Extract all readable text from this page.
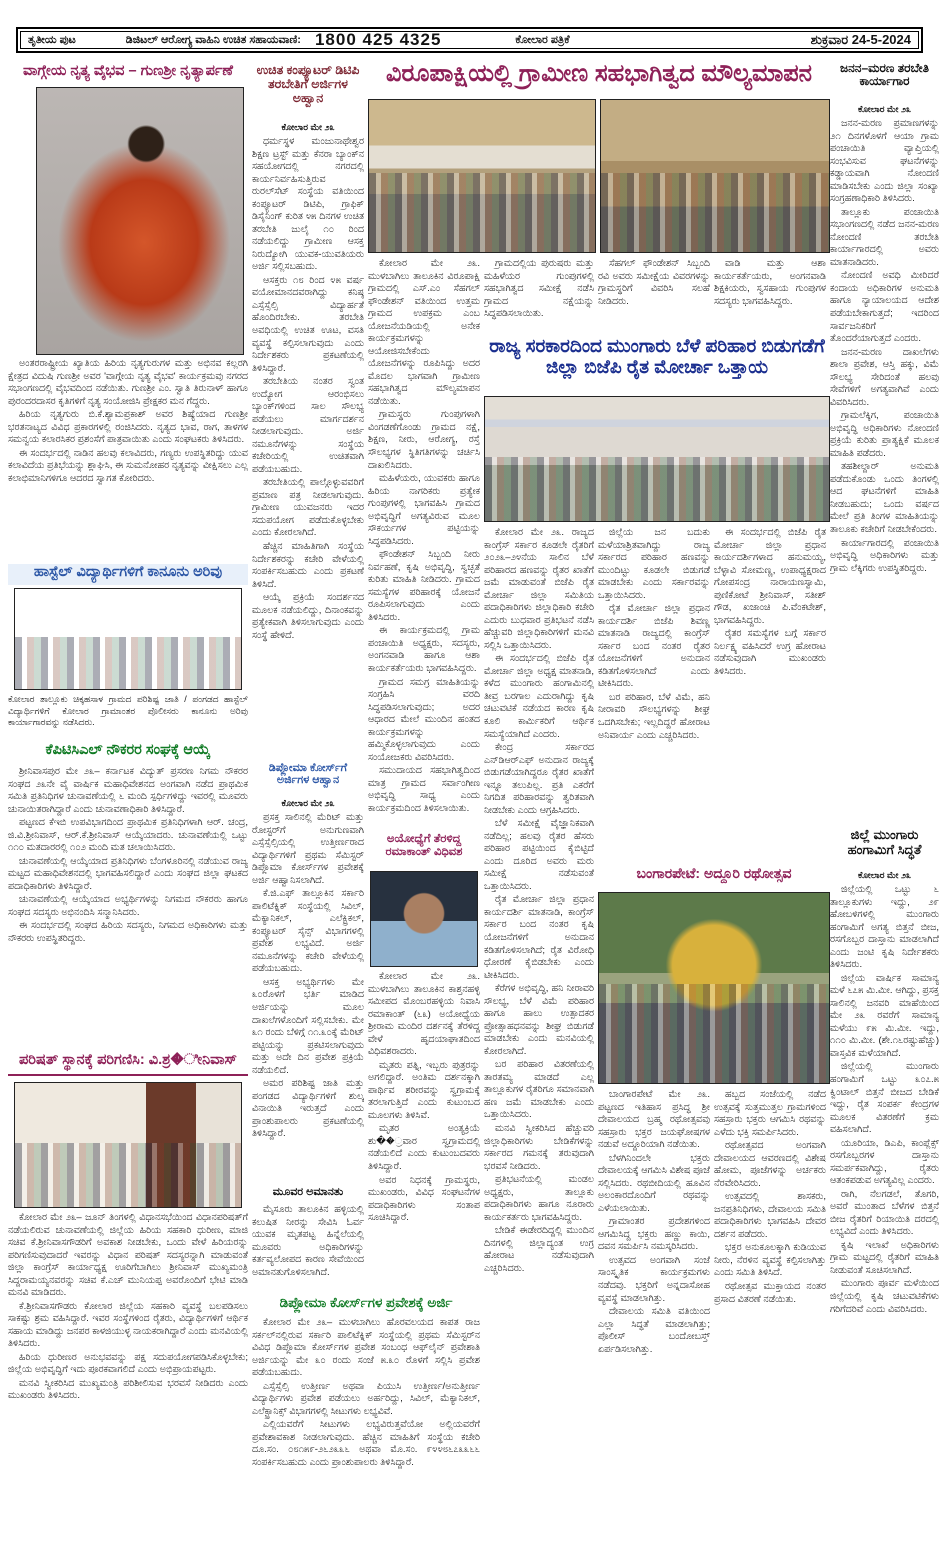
ತೃತೀಯ ಪುಟ	ಡಿಜಿಟಲ್ ಆರೋಗ್ಯ ವಾಹಿನಿ ಉಚಿತ ಸಹಾಯವಾಣಿ: 1800 425 4325	ಕೋಲಾರ ಪತ್ರಿಕೆ	ಶುಕ್ರವಾರ 24-5-2024
ವಾಗ್ಗೇಯ ನೃತ್ಯ ವೈಭವ – ಗುಣಶ್ರೀ ನೃತ್ಯಾರ್ಪಣೆ

ಅಂತರರಾಷ್ಟ್ರೀಯ ಖ್ಯಾತಿಯ ಹಿರಿಯ ನೃತ್ಯಗುರುಗಳ ಮತ್ತು ಅಭಿನವ ಕಲ್ಲರಗಿ ಕ್ಷೇತ್ರದ ವಿದುಷಿ ಗುಣಶ್ರೀ ಅವರ 'ವಾಗ್ಗೇಯ ನೃತ್ಯ ವೈಭವ' ಕಾರ್ಯಕ್ರಮವು ನಗರದ ಸಭಾಂಗಣದಲ್ಲಿ ವೈಭವದಿಂದ ನಡೆಯಿತು. ಗುಣಶ್ರೀ ಎಂ. ಸ್ವಾತಿ ತಿರುನಾಳ್ ಹಾಗೂ ಪುರಂದರದಾಸರ ಕೃತಿಗಳಿಗೆ ನೃತ್ಯ ಸಂಯೋಜಿಸಿ ಪ್ರೇಕ್ಷಕರ ಮನ ಗೆದ್ದರು.

ಹಿರಿಯ ನೃತ್ಯಗುರು ಬಿ.ಕೆ.ಶ್ಯಾಮಪ್ರಕಾಶ್ ಅವರ ಶಿಷ್ಯೆಯಾದ ಗುಣಶ್ರೀ ಭರತನಾಟ್ಯದ ವಿವಿಧ ಪ್ರಕಾರಗಳಲ್ಲಿ ರಂಜಿಸಿದರು. ನೃತ್ಯದ ಭಾವ, ರಾಗ, ತಾಳಗಳ ಸಮನ್ವಯ ಕಲಾರಸಿಕರ ಪ್ರಶಂಸೆಗೆ ಪಾತ್ರವಾಯಿತು ಎಂದು ಸಂಘಟಕರು ತಿಳಿಸಿದರು.

ಈ ಸಂದರ್ಭದಲ್ಲಿ ನಾಡಿನ ಹಲವು ಕಲಾವಿದರು, ಗಣ್ಯರು ಉಪಸ್ಥಿತರಿದ್ದು ಯುವ ಕಲಾವಿದೆಯ ಪ್ರತಿಭೆಯನ್ನು ಶ್ಲಾಘಿಸಿ, ಈ ಸುಮನೋಹರ ನೃತ್ಯವನ್ನು ವೀಕ್ಷಿಸಲು ಎಲ್ಲ ಕಲಾಭಿಮಾನಿಗಳಿಗೂ ಆದರದ ಸ್ವಾಗತ ಕೋರಿದರು.

ಹಾಸ್ಟೆಲ್ ವಿದ್ಯಾರ್ಥಿಗಳಿಗೆ ಕಾನೂನು ಅರಿವು
ಕೋಲಾರ ತಾಲ್ಲೂಕು ಚಿಕ್ಕಹಸಾಳ ಗ್ರಾಮದ ಪರಿಶಿಷ್ಟ ಜಾತಿ / ಪಂಗಡದ ಹಾಸ್ಟೆಲ್ ವಿದ್ಯಾರ್ಥಿಗಳಿಗೆ ಕೋಲಾರ ಗ್ರಾಮಾಂತರ ಪೊಲೀಸರು ಕಾನೂನು ಅರಿವು ಕಾರ್ಯಾಗಾರವನ್ನು ನಡೆಸಿದರು.
ಕೆಪಿಟಿಸಿಎಲ್ ನೌಕರರ ಸಂಘಕ್ಕೆ ಆಯ್ಕೆ

ಶ್ರೀನಿವಾಸಪುರ ಮೇ ೨೩– ಕರ್ನಾಟಕ ವಿದ್ಯುತ್ ಪ್ರಸರಣ ನಿಗಮ ನೌಕರರ ಸಂಘದ ೨೩ನೇ ವೈ ವಾರ್ಷಿಕ ಮಹಾಧಿವೇಶನದ ಅಂಗವಾಗಿ ನಡೆದ ಪ್ರಾಥಮಿಕ ಸಮಿತಿ ಪ್ರತಿನಿಧಿಗಳ ಚುನಾವಣೆಯಲ್ಲಿ ೬ ಮಂದಿ ಸ್ಪರ್ಧಿಗಳಿದ್ದು ಇವರಲ್ಲಿ ಮೂವರು ಚುನಾಯಿತರಾಗಿದ್ದಾರೆ ಎಂದು ಚುನಾವಣಾಧಿಕಾರಿ ತಿಳಿಸಿದ್ದಾರೆ.

ಪಟ್ಟಣದ ಕೆಇಬಿ ಉಪವಿಭಾಗದಿಂದ ಪ್ರಾಥಮಿಕ ಪ್ರತಿನಿಧಿಗಳಾಗಿ ಆರ್. ಚಂದ್ರ, ಜಿ.ವಿ.ಶ್ರೀನಿವಾಸ್, ಆರ್.ಕೆ.ಶ್ರೀನಿವಾಸ್ ಆಯ್ಕೆಯಾದರು. ಚುನಾವಣೆಯಲ್ಲಿ ಒಟ್ಟು ೧೧೦ ಮತದಾರರಲ್ಲಿ ೧೦೨ ಮಂದಿ ಮತ ಚಲಾಯಿಸಿದರು.

ಚುನಾವಣೆಯಲ್ಲಿ ಆಯ್ಕೆಯಾದ ಪ್ರತಿನಿಧಿಗಳು ಬೆಂಗಳೂರಿನಲ್ಲಿ ನಡೆಯುವ ರಾಜ್ಯ ಮಟ್ಟದ ಮಹಾಧಿವೇಶನದಲ್ಲಿ ಭಾಗವಹಿಸಲಿದ್ದಾರೆ ಎಂದು ಸಂಘದ ಜಿಲ್ಲಾ ಘಟಕದ ಪದಾಧಿಕಾರಿಗಳು ತಿಳಿಸಿದ್ದಾರೆ.

ಚುನಾವಣೆಯಲ್ಲಿ ಆಯ್ಕೆಯಾದ ಅಭ್ಯರ್ಥಿಗಳನ್ನು ನಿಗಮದ ನೌಕರರು ಹಾಗೂ ಸಂಘದ ಸದಸ್ಯರು ಅಭಿನಂದಿಸಿ ಸನ್ಮಾನಿಸಿದರು.

ಈ ಸಂದರ್ಭದಲ್ಲಿ ಸಂಘದ ಹಿರಿಯ ಸದಸ್ಯರು, ನಿಗಮದ ಅಧಿಕಾರಿಗಳು ಮತ್ತು ನೌಕರರು ಉಪಸ್ಥಿತರಿದ್ದರು.

ಪರಿಷತ್ ಸ್ಥಾನಕ್ಕೆ ಪರಿಗಣಿಸಿ: ವಿ.ಶ್ರ�ೀನಿವಾಸ್

ಕೋಲಾರ ಮೇ ೨೩– ಜೂನ್ ತಿಂಗಳಲ್ಲಿ ವಿಧಾನಸಭೆಯಿಂದ ವಿಧಾನಪರಿಷತ್‌ಗೆ ನಡೆಯಲಿರುವ ಚುನಾವಣೆಯಲ್ಲಿ ಜಿಲ್ಲೆಯ ಹಿರಿಯ ಸಹಕಾರಿ ಧುರೀಣ, ಮಾಜಿ ಸಚಿವ ಕೆ.ಶ್ರೀನಿವಾಸಗೌಡರಿಗೆ ಅವಕಾಶ ನೀಡಬೇಕು, ಒಂದು ವೇಳೆ ಹಿರಿಯರನ್ನು ಪರಿಗಣಿಸುವುದಾದರೆ ಇವರನ್ನು ವಿಧಾನ ಪರಿಷತ್ ಸದಸ್ಯರನ್ನಾಗಿ ಮಾಡುವಂತೆ ಜಿಲ್ಲಾ ಕಾಂಗ್ರೆಸ್ ಕಾರ್ಯಾಧ್ಯಕ್ಷ ಊರಿಗೆಬಾಗಿಲು ಶ್ರೀನಿವಾಸ್ ಮುಖ್ಯಮಂತ್ರಿ ಸಿದ್ದರಾಮಯ್ಯನವರನ್ನು ಸಚಿವ ಕೆ.ಎಚ್ ಮುನಿಯಪ್ಪ ಅವರೊಂದಿಗೆ ಭೇಟಿ ಮಾಡಿ ಮನವಿ ಮಾಡಿದರು.

ಕೆ.ಶ್ರೀನಿವಾಸಗೌಡರು ಕೋಲಾರ ಜಿಲ್ಲೆಯ ಸಹಕಾರಿ ವ್ಯವಸ್ಥೆ ಬಲಪಡಿಸಲು ಸಾಕಷ್ಟು ಶ್ರಮ ವಹಿಸಿದ್ದಾರೆ. ಇವರ ಸಂಸ್ಥೆಗಳಿಂದ ರೈತರು, ವಿದ್ಯಾರ್ಥಿಗಳಿಗೆ ಆರ್ಥಿಕ ಸಹಾಯ ಮಾಡಿದ್ದು ಜನಪರ ಕಾಳಜಿಯುಳ್ಳ ನಾಯಕರಾಗಿದ್ದಾರೆ ಎಂದು ಮನವಿಯಲ್ಲಿ ತಿಳಿಸಿದರು.

ಹಿರಿಯ ಧುರೀಣರ ಅನುಭವವನ್ನು ಪಕ್ಷ ಸದುಪಯೋಗಪಡಿಸಿಕೊಳ್ಳಬೇಕು; ಜಿಲ್ಲೆಯ ಅಭಿವೃದ್ಧಿಗೆ ಇದು ಪೂರಕವಾಗಲಿದೆ ಎಂದು ಅಭಿಪ್ರಾಯಪಟ್ಟರು.

ಮನವಿ ಸ್ವೀಕರಿಸಿದ ಮುಖ್ಯಮಂತ್ರಿ ಪರಿಶೀಲಿಸುವ ಭರವಸೆ ನೀಡಿದರು ಎಂದು ಮುಖಂಡರು ತಿಳಿಸಿದರು.

ಉಚಿತ ಕಂಪ್ಯೂಟರ್ ಡಿಟಿಪಿ ತರಬೇತಿಗೆ ಅರ್ಜಿಗಳ ಅಹ್ವಾನ
ಕೋಲಾರ ಮೇ ೨೩

ಧರ್ಮಸ್ಥಳ ಮಂಜುನಾಥೇಶ್ವರ ಶಿಕ್ಷಣ ಟ್ರಸ್ಟ್ ಮತ್ತು ಕೆನರಾ ಬ್ಯಾಂಕ್‌ನ ಸಹಯೋಗದಲ್ಲಿ ನಗರದಲ್ಲಿ ಕಾರ್ಯನಿರ್ವಹಿಸುತ್ತಿರುವ ರುರಲ್‌ಸೆಟ್ ಸಂಸ್ಥೆಯ ವತಿಯಿಂದ ಕಂಪ್ಯೂಟರ್ ಡಿಟಿಪಿ, ಗ್ರಾಫಿಕ್ ಡಿಸೈನಿಂಗ್ ಕುರಿತ ೪೫ ದಿನಗಳ ಉಚಿತ ತರಬೇತಿ ಜುಲೈ ೧೦ ರಿಂದ ನಡೆಯಲಿದ್ದು ಗ್ರಾಮೀಣ ಆಸಕ್ತ ನಿರುದ್ಯೋಗಿ ಯುವಕ-ಯುವತಿಯರು ಅರ್ಜಿ ಸಲ್ಲಿಸಬಹುದು.

ಆಸಕ್ತರು ೧೮ ರಿಂದ ೪೫ ವರ್ಷ ವಯೋಮಾನದವರಾಗಿದ್ದು ಕನಿಷ್ಠ ಎಸ್ಸೆಸ್ಸೆಲ್ಸಿ ವಿದ್ಯಾರ್ಹತೆ ಹೊಂದಿರಬೇಕು. ತರಬೇತಿ ಅವಧಿಯಲ್ಲಿ ಉಚಿತ ಊಟ, ವಸತಿ ವ್ಯವಸ್ಥೆ ಕಲ್ಪಿಸಲಾಗುವುದು ಎಂದು ನಿರ್ದೇಶಕರು ಪ್ರಕಟಣೆಯಲ್ಲಿ ತಿಳಿಸಿದ್ದಾರೆ.

ತರಬೇತಿಯ ನಂತರ ಸ್ವಂತ ಉದ್ಯೋಗ ಆರಂಭಿಸಲು ಬ್ಯಾಂಕ್‌ಗಳಿಂದ ಸಾಲ ಸೌಲಭ್ಯ ಪಡೆಯಲು ಮಾರ್ಗದರ್ಶನ ನೀಡಲಾಗುವುದು. ಅರ್ಜಿ ನಮೂನೆಗಳನ್ನು ಸಂಸ್ಥೆಯ ಕಚೇರಿಯಲ್ಲಿ ಉಚಿತವಾಗಿ ಪಡೆಯಬಹುದು.

ತರಬೇತಿಯಲ್ಲಿ ಪಾಲ್ಗೊಳ್ಳುವವರಿಗೆ ಪ್ರಮಾಣ ಪತ್ರ ನೀಡಲಾಗುವುದು. ಗ್ರಾಮೀಣ ಯುವಜನರು ಇದರ ಸದುಪಯೋಗ ಪಡೆದುಕೊಳ್ಳಬೇಕು ಎಂದು ಕೋರಲಾಗಿದೆ.

ಹೆಚ್ಚಿನ ಮಾಹಿತಿಗಾಗಿ ಸಂಸ್ಥೆಯ ನಿರ್ದೇಶಕರನ್ನು ಕಚೇರಿ ವೇಳೆಯಲ್ಲಿ ಸಂಪರ್ಕಿಸಬಹುದು ಎಂದು ಪ್ರಕಟಣೆ ತಿಳಿಸಿದೆ.

ಆಯ್ಕೆ ಪ್ರಕ್ರಿಯೆ ಸಂದರ್ಶನದ ಮೂಲಕ ನಡೆಯಲಿದ್ದು, ದಿನಾಂಕವನ್ನು ಪ್ರತ್ಯೇಕವಾಗಿ ತಿಳಿಸಲಾಗುವುದು ಎಂದು ಸಂಸ್ಥೆ ಹೇಳಿದೆ.

ಡಿಪ್ಲೋಮಾ ಕೋರ್ಸ್‌ಗೆ ಅರ್ಜಿಗಳ ಆಹ್ವಾನ
ಕೋಲಾರ ಮೇ ೨೩

ಪ್ರಸಕ್ತ ಸಾಲಿನಲ್ಲಿ ಮೆರಿಟ್ ಮತ್ತು ರೋಸ್ಟರ್‌ಗೆ ಅನುಗುಣವಾಗಿ ಎಸ್ಸೆಸ್ಸೆಲ್ಸಿಯಲ್ಲಿ ಉತ್ತೀರ್ಣರಾದ ವಿದ್ಯಾರ್ಥಿಗಳಿಗೆ ಪ್ರಥಮ ಸೆಮಿಸ್ಟರ್ ಡಿಪ್ಲೊಮಾ ಕೋರ್ಸ್‌ಗಳ ಪ್ರವೇಶಕ್ಕೆ ಅರ್ಜಿ ಆಹ್ವಾನಿಸಲಾಗಿದೆ.

ಕೆ.ಜಿ.ಎಫ್ ತಾಲ್ಲೂಕಿನ ಸರ್ಕಾರಿ ಪಾಲಿಟೆಕ್ನಿಕ್ ಸಂಸ್ಥೆಯಲ್ಲಿ ಸಿವಿಲ್, ಮೆಕ್ಯಾನಿಕಲ್, ಎಲೆಕ್ಟ್ರಿಕಲ್, ಕಂಪ್ಯೂಟರ್ ಸೈನ್ಸ್ ವಿಭಾಗಗಳಲ್ಲಿ ಪ್ರವೇಶ ಲಭ್ಯವಿದೆ. ಅರ್ಜಿ ನಮೂನೆಗಳನ್ನು ಕಚೇರಿ ವೇಳೆಯಲ್ಲಿ ಪಡೆಯಬಹುದು.

ಆಸಕ್ತ ಅಭ್ಯರ್ಥಿಗಳು ಮೇ ೩೦ರೊಳಗೆ ಭರ್ತಿ ಮಾಡಿದ ಅರ್ಜಿಯನ್ನು ಮೂಲ ದಾಖಲೆಗಳೊಂದಿಗೆ ಸಲ್ಲಿಸಬೇಕು. ಮೇ ೩೧ ರಂದು ಬೆಳಿಗ್ಗೆ ೧೧.೩೦ಕ್ಕೆ ಮೆರಿಟ್ ಪಟ್ಟಿಯನ್ನು ಪ್ರಕಟಿಸಲಾಗುವುದು ಮತ್ತು ಅದೇ ದಿನ ಪ್ರವೇಶ ಪ್ರಕ್ರಿಯೆ ನಡೆಯಲಿದೆ.

ಅಮರ ಪರಿಶಿಷ್ಟ ಜಾತಿ ಮತ್ತು ಪಂಗಡದ ವಿದ್ಯಾರ್ಥಿಗಳಿಗೆ ಶುಲ್ಕ ವಿನಾಯಿತಿ ಇರುತ್ತದೆ ಎಂದು ಪ್ರಾಂಶುಪಾಲರು ಪ್ರಕಟಣೆಯಲ್ಲಿ ತಿಳಿಸಿದ್ದಾರೆ.

ಮೂವರ ಅಮಾನತು

ಮೈಸೂರು ತಾಲೂಕಿನ ಹಳ್ಳಿಯಲ್ಲಿ ಕಲುಷಿತ ನೀರನ್ನು ಸೇವಿಸಿ ಓರ್ವ ಯುವಕ ಮೃತಪಟ್ಟ ಹಿನ್ನೆಲೆಯಲ್ಲಿ ಮೂವರು ಅಧಿಕಾರಿಗಳನ್ನು ಕರ್ತವ್ಯಲೋಪದ ಕಾರಣ ಸೇವೆಯಿಂದ ಅಮಾನತುಗೊಳಿಸಲಾಗಿದೆ.

ಡಿಪ್ಲೋಮಾ ಕೋರ್ಸ್‌ಗಳ ಪ್ರವೇಶಕ್ಕೆ ಅರ್ಜಿ

ಕೋಲಾರ ಮೇ ೨೩– ಮುಳಬಾಗಿಲು ಹೊರವಲಯದ ಕಾಪತ ರಾಜ ಸರ್ಕಲ್‌ನಲ್ಲಿರುವ ಸರ್ಕಾರಿ ಪಾಲಿಟೆಕ್ನಿಕ್ ಸಂಸ್ಥೆಯಲ್ಲಿ ಪ್ರಥಮ ಸೆಮಿಸ್ಟರ್‌ನ ವಿವಿಧ ಡಿಪ್ಲೊಮಾ ಕೋರ್ಸ್‌ಗಳ ಪ್ರವೇಶ ಸಂಬಂಧ ಆಫ್‌ಲೈನ್ ಪ್ರವೇಶಾತಿ ಅರ್ಜಿಯನ್ನು ಮೇ ೩೦ ರಂದು ಸಂಜೆ ೫.೩೦ ರೊಳಗೆ ಸಲ್ಲಿಸಿ ಪ್ರವೇಶ ಪಡೆಯಬಹುದು.

ಎಸ್ಸೆಸ್ಸೆಲ್ಸಿ ಉತ್ತೀರ್ಣ ಅಥವಾ ಪಿಯುಸಿ ಉತ್ತೀರ್ಣ/ಅನುತ್ತೀರ್ಣ ವಿದ್ಯಾರ್ಥಿಗಳು ಪ್ರವೇಶ ಪಡೆಯಲು ಅರ್ಹರಿದ್ದು, ಸಿವಿಲ್, ಮೆಕ್ಯಾನಿಕಲ್, ಎಲೆಕ್ಟ್ರಾನಿಕ್ಸ್ ವಿಭಾಗಗಳಲ್ಲಿ ಸೀಟುಗಳು ಲಭ್ಯವಿವೆ.

ಎಲ್ಲಿಯವರೆಗೆ ಸೀಟುಗಳು ಲಭ್ಯವಿರುತ್ತವೆಯೋ ಅಲ್ಲಿಯವರೆಗೆ ಪ್ರವೇಶಾವಕಾಶ ನೀಡಲಾಗುವುದು. ಹೆಚ್ಚಿನ ಮಾಹಿತಿಗೆ ಸಂಸ್ಥೆಯ ಕಚೇರಿ ದೂ.ಸಂ. ೦೮೧೫೯-೨೬೨೩೩೬ ಅಥವಾ ಮೊ.ಸಂ. ೯೪೪೮೬೭೩೩೬೬ ಸಂಪರ್ಕಿಸಬಹುದು ಎಂದು ಪ್ರಾಂಶುಪಾಲರು ತಿಳಿಸಿದ್ದಾರೆ.

ವಿರೂಪಾಕ್ಷಿಯಲ್ಲಿ ಗ್ರಾಮೀಣ ಸಹಭಾಗಿತ್ವದ ಮೌಲ್ಯಮಾಪನ

ಕೋಲಾರ ಮೇ ೨೩. ಮುಳಬಾಗಿಲು ತಾಲೂಕಿನ ವಿರೂಪಾಕ್ಷಿ ಗ್ರಾಮದಲ್ಲಿ ಎಸ್.ಎಂ ಸೆಹಗಲ್ ಫೌಂಡೇಶನ್ ವತಿಯಿಂದ ಉತ್ತಮ ಗ್ರಾಮದ ಉಪಕ್ರಮ ಎಂಬ ಯೋಜನೆಯಡಿಯಲ್ಲಿ ಅನೇಕ ಕಾರ್ಯಕ್ರಮಗಳನ್ನು ಆಯೋಜಿಸಬೇಕೆಂದು ಯೋಜನೆಗಳನ್ನು ರೂಪಿಸಿದ್ದು ಅದರ ಮೊದಲ ಭಾಗವಾಗಿ ಗ್ರಾಮೀಣ ಸಹಭಾಗಿತ್ವದ ಮೌಲ್ಯಮಾಪನ ನಡೆಯಿತು.

ಗ್ರಾಮಸ್ಥರು ಗುಂಪುಗಳಾಗಿ ವಿಂಗಡಣೆಗೊಂಡು ಗ್ರಾಮದ ನಕ್ಷೆ, ಶಿಕ್ಷಣ, ನೀರು, ಆರೋಗ್ಯ, ರಸ್ತೆ ಸೌಲಭ್ಯಗಳ ಸ್ಥಿತಿಗತಿಗಳನ್ನು ಚರ್ಚಿಸಿ ದಾಖಲಿಸಿದರು.

ಮಹಿಳೆಯರು, ಯುವಕರು ಹಾಗೂ ಹಿರಿಯ ನಾಗರಿಕರು ಪ್ರತ್ಯೇಕ ಗುಂಪುಗಳಲ್ಲಿ ಭಾಗವಹಿಸಿ ಗ್ರಾಮದ ಅಭಿವೃದ್ಧಿಗೆ ಅಗತ್ಯವಿರುವ ಮೂಲ ಸೌಕರ್ಯಗಳ ಪಟ್ಟಿಯನ್ನು ಸಿದ್ಧಪಡಿಸಿದರು.

ಫೌಂಡೇಶನ್ ಸಿಬ್ಬಂದಿ ನೀರು ನಿರ್ವಹಣೆ, ಕೃಷಿ ಅಭಿವೃದ್ಧಿ, ಸ್ವಚ್ಛತೆ ಕುರಿತು ಮಾಹಿತಿ ನೀಡಿದರು. ಗ್ರಾಮದ ಸಮಸ್ಯೆಗಳ ಪರಿಹಾರಕ್ಕೆ ಯೋಜನೆ ರೂಪಿಸಲಾಗುವುದು ಎಂದು ತಿಳಿಸಿದರು.

ಈ ಕಾರ್ಯಕ್ರಮದಲ್ಲಿ ಗ್ರಾಮ ಪಂಚಾಯಿತಿ ಅಧ್ಯಕ್ಷರು, ಸದಸ್ಯರು, ಅಂಗನವಾಡಿ ಹಾಗೂ ಆಶಾ ಕಾರ್ಯಕರ್ತೆಯರು ಭಾಗವಹಿಸಿದ್ದರು.

ಗ್ರಾಮದ ಸಮಗ್ರ ಮಾಹಿತಿಯನ್ನು ಸಂಗ್ರಹಿಸಿ ವರದಿ ಸಿದ್ಧಪಡಿಸಲಾಗುವುದು; ಅದರ ಆಧಾರದ ಮೇಲೆ ಮುಂದಿನ ಹಂತದ ಕಾರ್ಯಕ್ರಮಗಳನ್ನು ಹಮ್ಮಿಕೊಳ್ಳಲಾಗುವುದು ಎಂದು ಸಂಯೋಜಕರು ವಿವರಿಸಿದರು.

ಸಮುದಾಯದ ಸಹಭಾಗಿತ್ವದಿಂದ ಮಾತ್ರ ಗ್ರಾಮದ ಸರ್ವಾಂಗೀಣ ಅಭಿವೃದ್ಧಿ ಸಾಧ್ಯ ಎಂದು ಕಾರ್ಯಕ್ರಮದಿಂದ ತಿಳಿಸಲಾಯಿತು.

ಗ್ರಾಮದಲ್ಲಿಯ ಪುರುಷರು ಮತ್ತು ಮಹಿಳೆಯರ ಗುಂಪುಗಳಲ್ಲಿ ಸಹಭಾಗಿತ್ವದ ಸಮೀಕ್ಷೆ ನಡೆಸಿ ಗ್ರಾಮದ ನಕ್ಷೆಯನ್ನು ಸಿದ್ಧಪಡಿಸಲಾಯಿತು.

ಸೆಹಗಲ್ ಫೌಂಡೇಶನ್ ಸಿಬ್ಬಂದಿ ರವಿ ಅವರು ಸಮೀಕ್ಷೆಯ ವಿವರಗಳನ್ನು ಗ್ರಾಮಸ್ಥರಿಗೆ ವಿವರಿಸಿ ಸಲಹೆ ನೀಡಿದರು.

ವಾಡಿ ಮತ್ತು ಆಶಾ ಕಾರ್ಯಕರ್ತೆಯರು, ಅಂಗನವಾಡಿ ಶಿಕ್ಷಕಿಯರು, ಸ್ವಸಹಾಯ ಗುಂಪುಗಳ ಸದಸ್ಯರು ಭಾಗವಹಿಸಿದ್ದರು.

ರಾಜ್ಯ ಸರಕಾರದಿಂದ ಮುಂಗಾರು ಬೆಳೆ ಪರಿಹಾರ ಬಿಡುಗಡೆಗೆ ಜಿಲ್ಲಾ ಬಿಜೆಪಿ ರೈತ ಮೋರ್ಚಾ ಒತ್ತಾಯ

ಕೋಲಾರ ಮೇ ೨೩. ರಾಜ್ಯದ ಕಾಂಗ್ರೆಸ್ ಸರ್ಕಾರ ಕೂಡಲೇ ರೈತರಿಗೆ ೨೦೨೩–೨೪ನೆಯ ಸಾಲಿನ ಬೆಳೆ ಪರಿಹಾರದ ಹಣವನ್ನು ರೈತರ ಖಾತೆಗೆ ಜಮೆ ಮಾಡುವಂತೆ ಬಿಜೆಪಿ ರೈತ ಮೋರ್ಚಾ ಜಿಲ್ಲಾ ಸಮಿತಿಯ ಪದಾಧಿಕಾರಿಗಳು ಜಿಲ್ಲಾಧಿಕಾರಿ ಕಚೇರಿ ಎದುರು ಬುಧವಾರ ಪ್ರತಿಭಟನೆ ನಡೆಸಿ ಹೆಚ್ಚುವರಿ ಜಿಲ್ಲಾಧಿಕಾರಿಗಳಿಗೆ ಮನವಿ ಸಲ್ಲಿಸಿ ಒತ್ತಾಯಿಸಿದರು.

ಈ ಸಂದರ್ಭದಲ್ಲಿ ಬಿಜೆಪಿ ರೈತ ಮೋರ್ಚಾ ಜಿಲ್ಲಾ ಅಧ್ಯಕ್ಷ ಮಾತನಾಡಿ, ಕಳೆದ ಮುಂಗಾರು ಹಂಗಾಮಿನಲ್ಲಿ ತೀವ್ರ ಬರಗಾಲ ಎದುರಾಗಿದ್ದು ಕೃಷಿ ಚಟುವಟಿಕೆ ನಡೆಯದ ಕಾರಣ ಕೃಷಿ ಕೂಲಿ ಕಾರ್ಮಿಕರಿಗೆ ಆರ್ಥಿಕ ಸಮಸ್ಯೆಯಾಗಿದೆ ಎಂದರು.

ಕೇಂದ್ರ ಸರ್ಕಾರದ ಎನ್‌ಡಿಆರ್‌ಎಫ್ ಅನುದಾನ ರಾಜ್ಯಕ್ಕೆ ಬಿಡುಗಡೆಯಾಗಿದ್ದರೂ ರೈತರ ಖಾತೆಗೆ ಇನ್ನೂ ತಲುಪಿಲ್ಲ. ಪ್ರತಿ ಎಕರೆಗೆ ನಿಗದಿತ ಪರಿಹಾರವನ್ನು ತ್ವರಿತವಾಗಿ ನೀಡಬೇಕು ಎಂದು ಆಗ್ರಹಿಸಿದರು.

ಬೆಳೆ ಸಮೀಕ್ಷೆ ವೈಜ್ಞಾನಿಕವಾಗಿ ನಡೆದಿಲ್ಲ; ಹಲವು ರೈತರ ಹೆಸರು ಪರಿಹಾರ ಪಟ್ಟಿಯಿಂದ ಕೈಬಿಟ್ಟಿದೆ ಎಂದು ದೂರಿದ ಅವರು ಮರು ಸಮೀಕ್ಷೆ ನಡೆಸುವಂತೆ ಒತ್ತಾಯಿಸಿದರು.

ರೈತ ಮೋರ್ಚಾ ಜಿಲ್ಲಾ ಪ್ರಧಾನ ಕಾರ್ಯದರ್ಶಿ ಮಾತನಾಡಿ, ಕಾಂಗ್ರೆಸ್ ಸರ್ಕಾರ ಬಂದ ನಂತರ ಕೃಷಿ ಯೋಜನೆಗಳಿಗೆ ಅನುದಾನ ಕಡಿತಗೊಳಿಸಲಾಗಿದೆ; ರೈತ ವಿರೋಧಿ ಧೋರಣೆ ಕೈಬಿಡಬೇಕು ಎಂದು ಟೀಕಿಸಿದರು.

ಕೆರೆಗಳ ಅಭಿವೃದ್ಧಿ, ಹನಿ ನೀರಾವರಿ ಸೌಲಭ್ಯ, ಬೆಳೆ ವಿಮೆ ಪರಿಹಾರ ಹಾಗೂ ಹಾಲು ಉತ್ಪಾದಕರ ಪ್ರೋತ್ಸಾಹಧನವನ್ನು ಶೀಘ್ರ ಬಿಡುಗಡೆ ಮಾಡಬೇಕು ಎಂದು ಮನವಿಯಲ್ಲಿ ಕೋರಲಾಗಿದೆ.

ಬರ ಪರಿಹಾರ ವಿತರಣೆಯಲ್ಲಿ ತಾರತಮ್ಯ ಮಾಡದೆ ಎಲ್ಲ ತಾಲ್ಲೂಕುಗಳ ರೈತರಿಗೂ ಸಮಾನವಾಗಿ ಹಣ ಜಮೆ ಮಾಡಬೇಕು ಎಂದು ಒತ್ತಾಯಿಸಿದರು.

ಮನವಿ ಸ್ವೀಕರಿಸಿದ ಹೆಚ್ಚುವರಿ ಜಿಲ್ಲಾಧಿಕಾರಿಗಳು ಬೇಡಿಕೆಗಳನ್ನು ಸರ್ಕಾರದ ಗಮನಕ್ಕೆ ತರುವುದಾಗಿ ಭರವಸೆ ನೀಡಿದರು.

ಪ್ರತಿಭಟನೆಯಲ್ಲಿ ಮಂಡಲ ಅಧ್ಯಕ್ಷರು, ತಾಲ್ಲೂಕು ಪದಾಧಿಕಾರಿಗಳು ಹಾಗೂ ನೂರಾರು ಕಾರ್ಯಕರ್ತರು ಭಾಗವಹಿಸಿದ್ದರು.

ಬೇಡಿಕೆ ಈಡೇರದಿದ್ದಲ್ಲಿ ಮುಂದಿನ ದಿನಗಳಲ್ಲಿ ಜಿಲ್ಲಾದ್ಯಂತ ಉಗ್ರ ಹೋರಾಟ ನಡೆಸುವುದಾಗಿ ಎಚ್ಚರಿಸಿದರು.

ಜಿಲ್ಲೆಯ ಜನ ಬದುಕು ಮಳೆಯಾಶ್ರಿತವಾಗಿದ್ದು ರಾಜ್ಯ ಸರ್ಕಾರದ ಪರಿಹಾರ ಹಣವನ್ನು ಮುಂದಿಟ್ಟು ಕೂಡಲೇ ಬಿಡುಗಡೆ ಮಾಡಬೇಕು ಎಂದು ಸರ್ಕಾರವನ್ನು ಒತ್ತಾಯಿಸಿದರು.

ರೈತ ಮೋರ್ಚಾ ಜಿಲ್ಲಾ ಪ್ರಧಾನ ಕಾರ್ಯದರ್ಶಿ ಬಿಜೆಪಿ ಶಿವಣ್ಣ ಮಾತನಾಡಿ ರಾಜ್ಯದಲ್ಲಿ ಕಾಂಗ್ರೆಸ್ ಸರ್ಕಾರ ಬಂದ ನಂತರ ರೈತರ ಯೋಜನೆಗಳಿಗೆ ಅನುದಾನ ಕಡಿತಗೊಳಿಸಲಾಗಿದೆ ಎಂದು ಟೀಕಿಸಿದರು.

ಬರ ಪರಿಹಾರ, ಬೆಳೆ ವಿಮೆ, ಹನಿ ನೀರಾವರಿ ಸೌಲಭ್ಯಗಳನ್ನು ಶೀಘ್ರ ಒದಗಿಸಬೇಕು; ಇಲ್ಲದಿದ್ದರೆ ಹೋರಾಟ ಅನಿವಾರ್ಯ ಎಂದು ಎಚ್ಚರಿಸಿದರು.

ಈ ಸಂದರ್ಭದಲ್ಲಿ ಬಿಜೆಪಿ ರೈತ ಮೋರ್ಚಾ ಜಿಲ್ಲಾ ಪ್ರಧಾನ ಕಾರ್ಯದರ್ಶಿಗಳಾದ ಹನುಮಯ್ಯ, ಬೆಳ್ಳಾವಿ ಸೋಮಣ್ಣ, ಉಪಾಧ್ಯಕ್ಷರಾದ ಗೋಪಸಂದ್ರ ನಾರಾಯಣಸ್ವಾಮಿ, ಪುಣಿಕೋಟೆ ಶ್ರೀನಿವಾಸ್, ಸತೀಶ್ ಗೌಡ, ಖಜಾಂಚಿ ಪಿ.ವೆಂಕಟೇಶ್, ಭಾಗವಹಿಸಿದ್ದರು.

ರೈತರ ಸಮಸ್ಯೆಗಳ ಬಗ್ಗೆ ಸರ್ಕಾರ ನಿರ್ಲಕ್ಷ್ಯ ವಹಿಸಿದರೆ ಉಗ್ರ ಹೋರಾಟ ನಡೆಸುವುದಾಗಿ ಮುಖಂಡರು ತಿಳಿಸಿದರು.

ಬಂಗಾರಪೇಟೆ: ಅದ್ದೂರಿ ರಥೋತ್ಸವ

ಬಾಂಗಾರಪೇಟೆ ಮೇ ೨೩. ಪಟ್ಟಣದ ಇತಿಹಾಸ ಪ್ರಸಿದ್ಧ ಶ್ರೀ ದೇವಾಲಯದ ಬ್ರಹ್ಮ ರಥೋತ್ಸವವು ಸಹಸ್ರಾರು ಭಕ್ತರ ಜಯಘೋಷಗಳ ನಡುವೆ ಅದ್ದೂರಿಯಾಗಿ ನಡೆಯಿತು.

ಬೆಳಗಿನಿಂದಲೇ ಭಕ್ತರು ದೇವಾಲಯಕ್ಕೆ ಆಗಮಿಸಿ ವಿಶೇಷ ಪೂಜೆ ಸಲ್ಲಿಸಿದರು. ರಥಬೀದಿಯಲ್ಲಿ ಹೂವಿನ ಅಲಂಕಾರದೊಂದಿಗೆ ರಥವನ್ನು ಎಳೆಯಲಾಯಿತು.

ಗ್ರಾಮಾಂತರ ಪ್ರದೇಶಗಳಿಂದ ಆಗಮಿಸಿದ್ದ ಭಕ್ತರು ಹಣ್ಣು ಕಾಯಿ, ದವನ ಸಮರ್ಪಿಸಿ ನಮಸ್ಕರಿಸಿದರು.

ಉತ್ಸವದ ಅಂಗವಾಗಿ ಸಂಜೆ ಸಾಂಸ್ಕೃತಿಕ ಕಾರ್ಯಕ್ರಮಗಳು ನಡೆದವು. ಭಕ್ತರಿಗೆ ಅನ್ನದಾಸೋಹ ವ್ಯವಸ್ಥೆ ಮಾಡಲಾಗಿತ್ತು.

ದೇವಾಲಯ ಸಮಿತಿ ವತಿಯಿಂದ ಎಲ್ಲಾ ಸಿದ್ಧತೆ ಮಾಡಲಾಗಿತ್ತು; ಪೊಲೀಸ್ ಬಂದೋಬಸ್ತ್ ಏರ್ಪಡಿಸಲಾಗಿತ್ತು.

ಹಬ್ಬದ ಸಂಜೆಯಲ್ಲಿ ನಡೆದ ಉತ್ಸವಕ್ಕೆ ಸುತ್ತಮುತ್ತಲ ಗ್ರಾಮಗಳಿಂದ ಸಹಸ್ರಾರು ಭಕ್ತರು ಆಗಮಿಸಿ ರಥವನ್ನು ಎಳೆದು ಭಕ್ತಿ ಸಮರ್ಪಿಸಿದರು.

ರಥೋತ್ಸವದ ಅಂಗವಾಗಿ ದೇವಾಲಯದ ಆವರಣದಲ್ಲಿ ವಿಶೇಷ ಹೋಮ, ಪೂಜೆಗಳನ್ನು ಅರ್ಚಕರು ನೆರವೇರಿಸಿದರು.

ಉತ್ಸವದಲ್ಲಿ ಶಾಸಕರು, ಜನಪ್ರತಿನಿಧಿಗಳು, ದೇವಾಲಯ ಸಮಿತಿ ಪದಾಧಿಕಾರಿಗಳು ಭಾಗವಹಿಸಿ ದೇವರ ದರ್ಶನ ಪಡೆದರು.

ಭಕ್ತರ ಅನುಕೂಲಕ್ಕಾಗಿ ಕುಡಿಯುವ ನೀರು, ನೆರಳಿನ ವ್ಯವಸ್ಥೆ ಕಲ್ಪಿಸಲಾಗಿತ್ತು ಎಂದು ಸಮಿತಿ ತಿಳಿಸಿದೆ.

ರಥೋತ್ಸವ ಮುಕ್ತಾಯದ ನಂತರ ಪ್ರಸಾದ ವಿತರಣೆ ನಡೆಯಿತು.

ಅಯೋಧ್ಯೆಗೆ ತೆರಳಿದ್ದ ರಮಾಕಾಂತ್ ವಿಧಿವಶ

ಕೋಲಾರ ಮೇ ೨೩. ಮುಳಬಾಗಿಲು ತಾಲೂಕಿನ ಕಾಶ್ತನಹಳ್ಳಿ ಸಮೀಪದ ಮೊಂಬರಹಳ್ಳಿಯ ನಿವಾಸಿ ರಮಾಕಾಂತ್ (೬೩) ಅಯೋಧ್ಯೆಯ ಶ್ರೀರಾಮ ಮಂದಿರ ದರ್ಶನಕ್ಕೆ ತೆರಳಿದ್ದ ವೇಳೆ ಹೃದಯಾಘಾತದಿಂದ ವಿಧಿವಶರಾದರು.

ಮೃತರು ಪತ್ನಿ, ಇಬ್ಬರು ಪುತ್ರರನ್ನು ಅಗಲಿದ್ದಾರೆ. ಅಂತಿಮ ದರ್ಶನಕ್ಕಾಗಿ ಪಾರ್ಥಿವ ಶರೀರವನ್ನು ಸ್ವಗ್ರಾಮಕ್ಕೆ ತರಲಾಗುತ್ತಿದೆ ಎಂದು ಕುಟುಂಬದ ಮೂಲಗಳು ತಿಳಿಸಿವೆ.

ಮೃತರ ಅಂತ್ಯಕ್ರಿಯೆ ಶು��್ರವಾರ ಸ್ವಗ್ರಾಮದಲ್ಲಿ ನಡೆಯಲಿದೆ ಎಂದು ಕುಟುಂಬದವರು ತಿಳಿಸಿದ್ದಾರೆ.

ಅವರ ನಿಧನಕ್ಕೆ ಗ್ರಾಮಸ್ಥರು, ಮುಖಂಡರು, ವಿವಿಧ ಸಂಘಟನೆಗಳ ಪದಾಧಿಕಾರಿಗಳು ಸಂತಾಪ ಸೂಚಿಸಿದ್ದಾರೆ.

ಜನನ–ಮರಣ ತರಬೇತಿ ಕಾರ್ಯಾಗಾರ
ಕೋಲಾರ ಮೇ ೨೩

ಜನನ-ಮರಣ ಪ್ರಮಾಣಗಳನ್ನು ೨೧ ದಿನಗಳೊಳಗೆ ಆಯಾ ಗ್ರಾಮ ಪಂಚಾಯಿತಿ ವ್ಯಾಪ್ತಿಯಲ್ಲಿ ಸಂಭವಿಸುವ ಘಟನೆಗಳನ್ನು ಕಡ್ಡಾಯವಾಗಿ ನೋಂದಣಿ ಮಾಡಿಸಬೇಕು ಎಂದು ಜಿಲ್ಲಾ ಸಂಖ್ಯಾ ಸಂಗ್ರಹಣಾಧಿಕಾರಿ ತಿಳಿಸಿದರು.

ತಾಲ್ಲೂಕು ಪಂಚಾಯಿತಿ ಸಭಾಂಗಣದಲ್ಲಿ ನಡೆದ ಜನನ-ಮರಣ ನೋಂದಣಿ ತರಬೇತಿ ಕಾರ್ಯಾಗಾರದಲ್ಲಿ ಅವರು ಮಾತನಾಡಿದರು.

ನೋಂದಣಿ ಅವಧಿ ಮೀರಿದರೆ ಕಂದಾಯ ಅಧಿಕಾರಿಗಳ ಅನುಮತಿ ಹಾಗೂ ನ್ಯಾಯಾಲಯದ ಆದೇಶ ಪಡೆಯಬೇಕಾಗುತ್ತದೆ; ಇದರಿಂದ ಸಾರ್ವಜನಿಕರಿಗೆ ತೊಂದರೆಯಾಗುತ್ತದೆ ಎಂದರು.

ಜನನ-ಮರಣ ದಾಖಲೆಗಳು ಶಾಲಾ ಪ್ರವೇಶ, ಆಸ್ತಿ ಹಕ್ಕು, ವಿಮೆ ಸೌಲಭ್ಯ ಸೇರಿದಂತೆ ಹಲವು ಸೇವೆಗಳಿಗೆ ಅಗತ್ಯವಾಗಿವೆ ಎಂದು ವಿವರಿಸಿದರು.

ಗ್ರಾಮಲೆಕ್ಕಿಗ, ಪಂಚಾಯಿತಿ ಅಭಿವೃದ್ಧಿ ಅಧಿಕಾರಿಗಳು ನೋಂದಣಿ ಪ್ರಕ್ರಿಯೆ ಕುರಿತು ಪ್ರಾತ್ಯಕ್ಷಿಕೆ ಮೂಲಕ ಮಾಹಿತಿ ಪಡೆದರು.

ತಹಶೀಲ್ದಾರ್ ಅನುಮತಿ ಪಡೆದುಕೊಂಡು ಒಂದು ತಿಂಗಳಲ್ಲಿ ಆದ ಘಟನೆಗಳಿಗೆ ಮಾಹಿತಿ ನೀಡಬಹುದು; ಒಂದು ವರ್ಷದ ಮೇಲೆ ಪ್ರತಿ ತಿಂಗಳ ಮಾಹಿತಿಯನ್ನು ತಾಲೂಕು ಕಚೇರಿಗೆ ನೀಡಬೇಕೆಂದರು.

ಕಾರ್ಯಾಗಾರದಲ್ಲಿ ಪಂಚಾಯಿತಿ ಅಭಿವೃದ್ಧಿ ಅಧಿಕಾರಿಗಳು ಮತ್ತು ಗ್ರಾಮ ಲೆಕ್ಕಿಗರು ಉಪಸ್ಥಿತರಿದ್ದರು.

ಜಿಲ್ಲೆ ಮುಂಗಾರು ಹಂಗಾಮಿಗೆ ಸಿದ್ಧತೆ
ಕೋಲಾರ ಮೇ ೨೩

ಜಿಲ್ಲೆಯಲ್ಲಿ ಒಟ್ಟು ೬ ತಾಲ್ಲೂಕುಗಳು ಇದ್ದು, ೨೯ ಹೋಬಳಿಗಳಲ್ಲಿ ಮುಂಗಾರು ಹಂಗಾಮಿಗೆ ಅಗತ್ಯ ಬಿತ್ತನೆ ಬೀಜ, ರಸಗೊಬ್ಬರ ದಾಸ್ತಾನು ಮಾಡಲಾಗಿದೆ ಎಂದು ಜಂಟಿ ಕೃಷಿ ನಿರ್ದೇಶಕರು ತಿಳಿಸಿದರು.

ಜಿಲ್ಲೆಯ ವಾರ್ಷಿಕ ಸಾಮಾನ್ಯ ಮಳೆ ೬೭೫ ಮಿ.ಮೀ. ಆಗಿದ್ದು, ಪ್ರಸಕ್ತ ಸಾಲಿನಲ್ಲಿ ಜನವರಿ ಮಾಹೆಯಿಂದ ಮೇ ೨೩ ರವರೆಗೆ ಸಾಮಾನ್ಯ ಮಳೆಯು ೯೫ ಮಿ.ಮೀ. ಇದ್ದು, ೧೧೦ ಮಿ.ಮೀ. (ಶೇ.೧೬ರಷ್ಟುಹೆಚ್ಚು) ವಾಸ್ತವಿಕ ಮಳೆಯಾಗಿದೆ.

ಜಿಲ್ಲೆಯಲ್ಲಿ ಮುಂಗಾರು ಹಂಗಾಮಿಗೆ ಒಟ್ಟು ೩೦೭.೫ ಕ್ವಿಂಟಾಲ್ ಬಿತ್ತನೆ ಬೀಜದ ಬೇಡಿಕೆ ಇದ್ದು, ರೈತ ಸಂಪರ್ಕ ಕೇಂದ್ರಗಳ ಮೂಲಕ ವಿತರಣೆಗೆ ಕ್ರಮ ವಹಿಸಲಾಗಿದೆ.

ಯೂರಿಯಾ, ಡಿಎಪಿ, ಕಾಂಪ್ಲೆಕ್ಸ್ ರಸಗೊಬ್ಬರಗಳ ದಾಸ್ತಾನು ಸಮರ್ಪಕವಾಗಿದ್ದು, ರೈತರು ಆತಂಕಪಡುವ ಅಗತ್ಯವಿಲ್ಲ ಎಂದರು.

ರಾಗಿ, ನೆಲಗಡಲೆ, ತೊಗರಿ, ಅವರೆ ಮುಂತಾದ ಬೆಳೆಗಳ ಬಿತ್ತನೆ ಬೀಜ ರೈತರಿಗೆ ರಿಯಾಯಿತಿ ದರದಲ್ಲಿ ಲಭ್ಯವಿದೆ ಎಂದು ತಿಳಿಸಿದರು.

ಕೃಷಿ ಇಲಾಖೆ ಅಧಿಕಾರಿಗಳು ಗ್ರಾಮ ಮಟ್ಟದಲ್ಲಿ ರೈತರಿಗೆ ಮಾಹಿತಿ ನೀಡುವಂತೆ ಸೂಚಿಸಲಾಗಿದೆ.

ಮುಂಗಾರು ಪೂರ್ವ ಮಳೆಯಿಂದ ಜಿಲ್ಲೆಯಲ್ಲಿ ಕೃಷಿ ಚಟುವಟಿಕೆಗಳು ಗರಿಗೆದರಿವೆ ಎಂದು ವಿವರಿಸಿದರು.
